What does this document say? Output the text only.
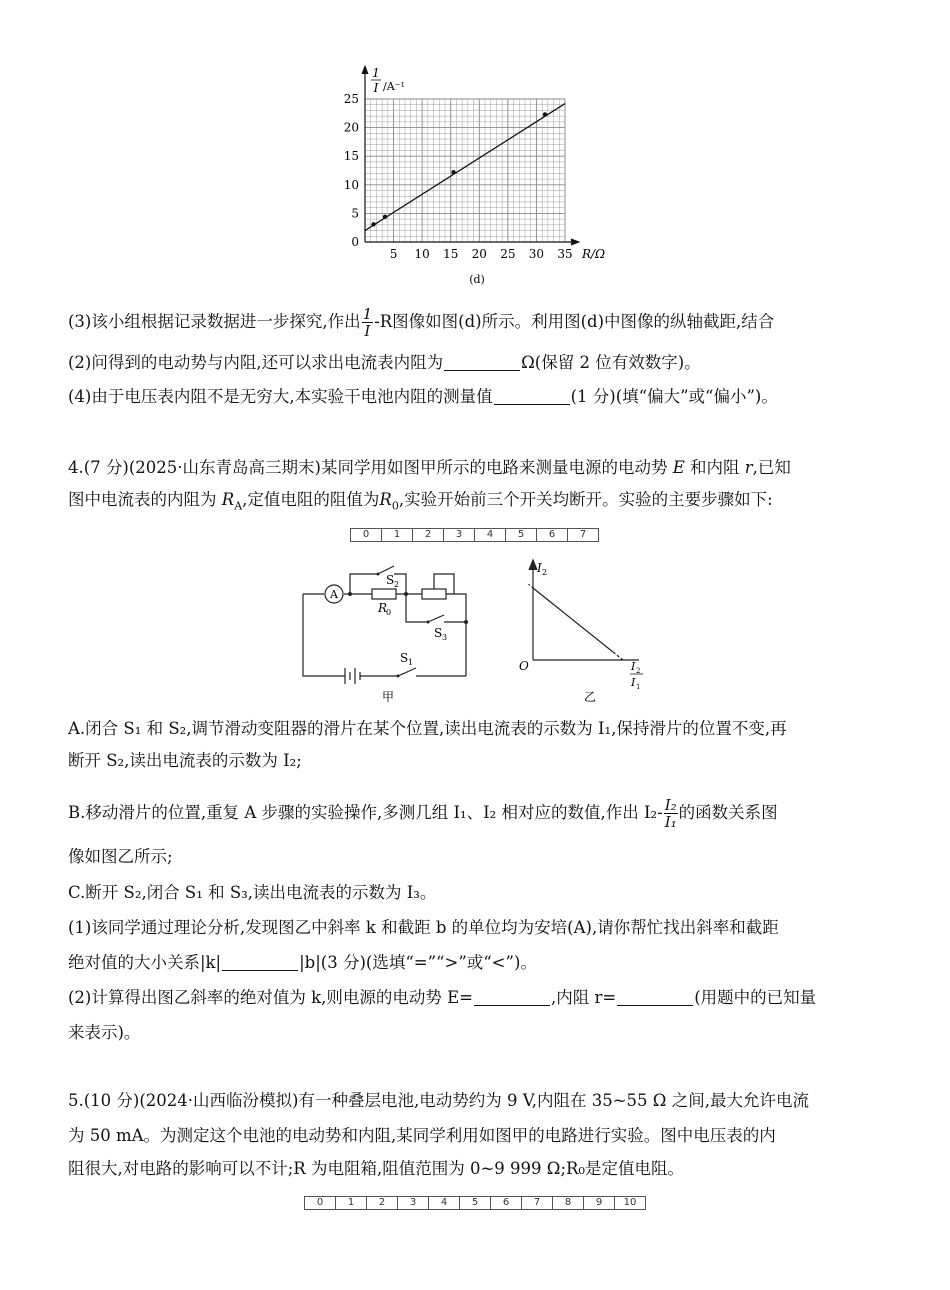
0
5
10
15
20
25
5 10 15 20 25 30 35
1
I /A⁻¹
R/Ω
(d)
(3)该小组根据记录数据进一步探究,作出 $\frac{1}{I} -R$图像如图(d)所示。利用图(d)中图像的纵轴截距,结合
(2)问得到的电动势与内阻,还可以求出电流表内阻为	Ω(保留 2 位有效数字)。
(4)由于电压表内阻不是无穷大,本实验干电池内阻的测量值	(1 分)(填“偏大”或“偏小”)。
4.(7 分)(2025·山东青岛高三期末)某同学用如图甲所示的电路来测量电源的电动势 E 和内阻 r,已知
图中电流表的内阻为 $R_A$,定值电阻的阻值为$R_0$,实验开始前三个开关均断开。实验的主要步骤如下:
0	1	2	3	4	5	6	7
A
S 2
R
0
S 3
S 1
甲
I 2
O	I 2
I 1
乙
A.闭合 S₁ 和 S₂,调节滑动变阻器的滑片在某个位置,读出电流表的示数为 I₁,保持滑片的位置不变,再
断开 S₂,读出电流表的示数为 I₂;
B.移动滑片的位置,重复 A 步骤的实验操作,多测几组 I₁、I₂ 相对应的数值,作出 $I_2- \frac{\text{I₂}}{\text{I₁}}$ 的函数关系图
像如图乙所示;
C.断开 S₂,闭合 S₁ 和 S₃,读出电流表的示数为 I₃。
(1)该同学通过理论分析,发现图乙中斜率 k 和截距 b 的单位均为安培(A),请你帮忙找出斜率和截距
绝对值的大小关系|k|	|b|(3 分)(选填“=”“>”或“<”)。
(2)计算得出图乙斜率的绝对值为 k,则电源的电动势 E=	,内阻 r=	(用题中的已知量
来表示)。
5.(10 分)(2024·山西临汾模拟)有一种叠层电池,电动势约为 9 V,内阻在 35~55 Ω 之间,最大允许电流
为 50 mA。为测定这个电池的电动势和内阻,某同学利用如图甲的电路进行实验。图中电压表的内
阻很大,对电路的影响可以不计;R 为电阻箱,阻值范围为 0~9 999 Ω;R₀是定值电阻。
0	1	2	3	4	5	6	7	8	9	10
